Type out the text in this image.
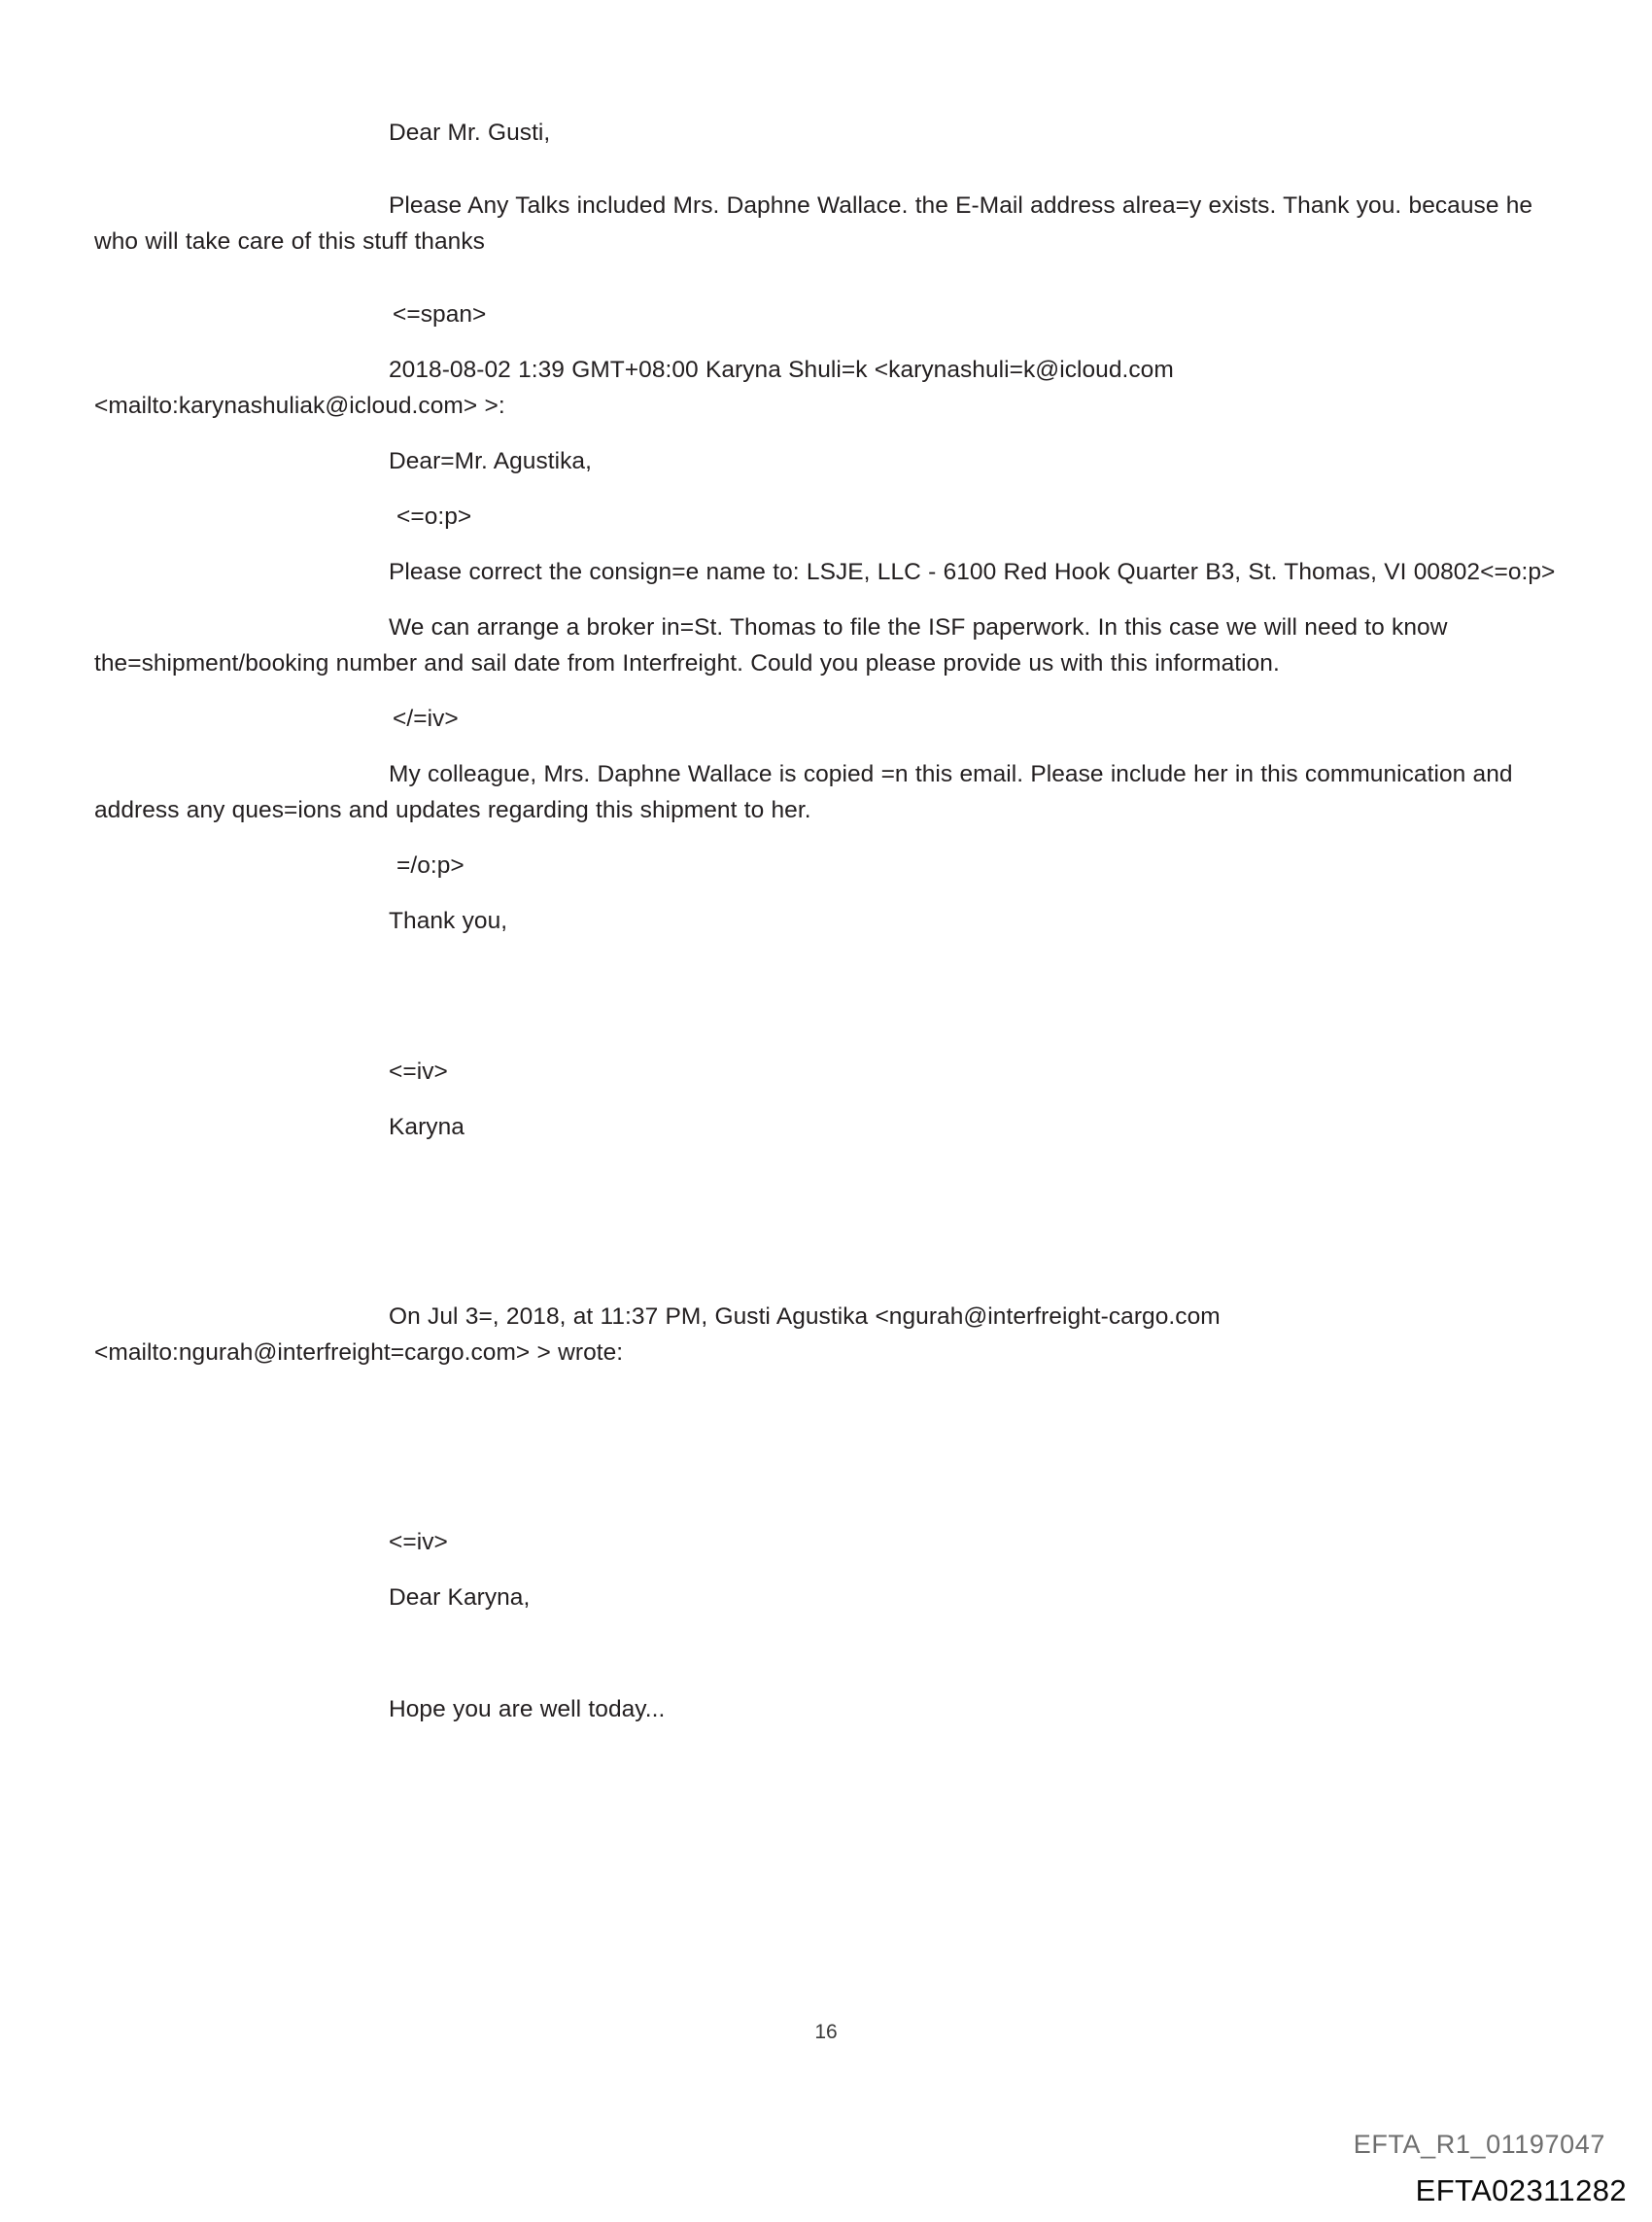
Dear Mr. Gusti,

Please Any Talks included Mrs. Daphne Wallace. the E-Mail address alrea=y exists. Thank you. because he who will take care of this stuff thanks

<=span>

2018-08-02 1:39 GMT+08:00 Karyna Shuli=k <karynashuli=k@icloud.com <mailto:karynashuliak@icloud.com> >:

Dear=Mr. Agustika,

<=o:p>

Please correct the consign=e name to: LSJE, LLC - 6100 Red Hook Quarter B3, St. Thomas, VI 00802<=o:p>

We can arrange a broker in=St. Thomas to file the ISF paperwork. In this case we will need to know the=shipment/booking number and sail date from Interfreight. Could you please provide us with this information.

</=iv>

My colleague, Mrs. Daphne Wallace is copied =n this email. Please include her in this communication and address any ques=ions and updates regarding this shipment to her.

=/o:p>

Thank you,

<=iv>

Karyna

On Jul 3=, 2018, at 11:37 PM, Gusti Agustika <ngurah@interfreight-cargo.com <mailto:ngurah@interfreight=cargo.com> > wrote:

<=iv>

Dear Karyna,

Hope you are well today...

16
EFTA_R1_01197047
EFTA02311282
